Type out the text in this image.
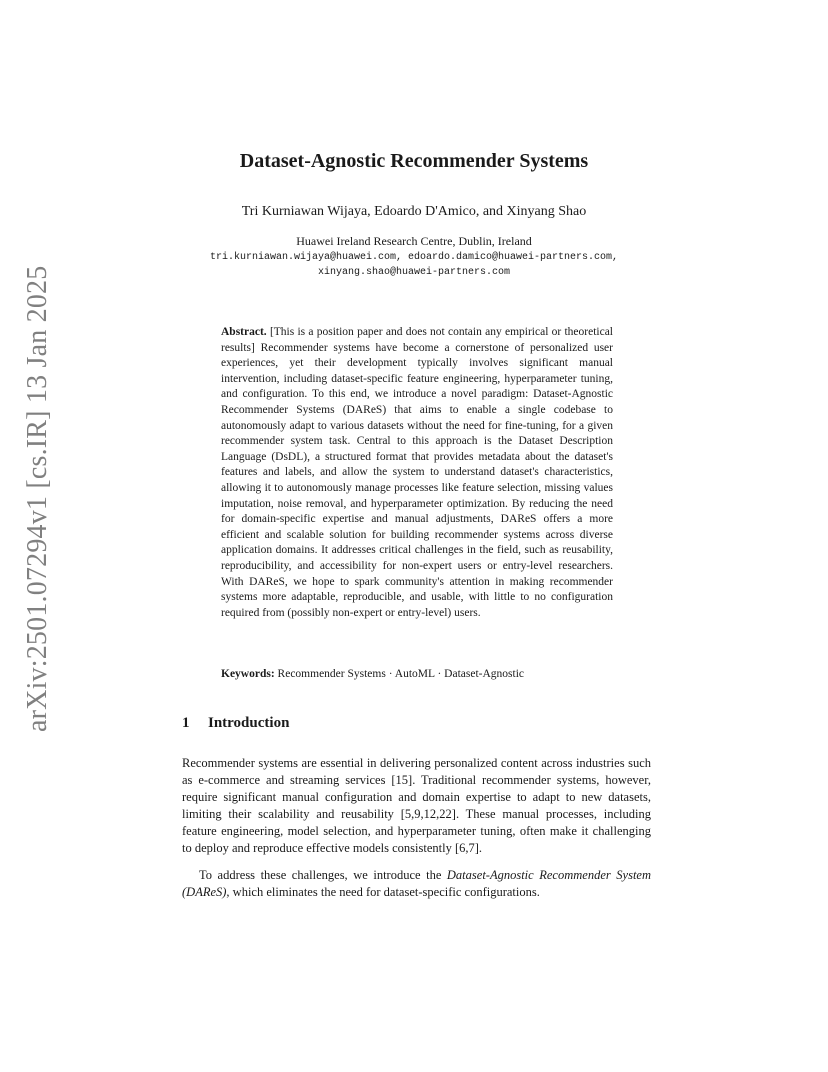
arXiv:2501.07294v1 [cs.IR] 13 Jan 2025
Dataset-Agnostic Recommender Systems
Tri Kurniawan Wijaya, Edoardo D'Amico, and Xinyang Shao
Huawei Ireland Research Centre, Dublin, Ireland
tri.kurniawan.wijaya@huawei.com, edoardo.damico@huawei-partners.com,
xinyang.shao@huawei-partners.com

Abstract. [This is a position paper and does not contain any empirical or theoretical results] Recommender systems have become a cornerstone of personalized user experiences, yet their development typically involves significant manual intervention, including dataset-specific feature engineering, hyperparameter tuning, and configuration. To this end, we introduce a novel paradigm: Dataset-Agnostic Recommender Systems (DAReS) that aims to enable a single codebase to autonomously adapt to various datasets without the need for fine-tuning, for a given recommender system task. Central to this approach is the Dataset Description Language (DsDL), a structured format that provides metadata about the dataset's features and labels, and allow the system to understand dataset's characteristics, allowing it to autonomously manage processes like feature selection, missing values imputation, noise removal, and hyperparameter optimization. By reducing the need for domain-specific expertise and manual adjustments, DAReS offers a more efficient and scalable solution for building recommender systems across diverse application domains. It addresses critical challenges in the field, such as reusability, reproducibility, and accessibility for non-expert users or entry-level researchers. With DAReS, we hope to spark community's attention in making recommender systems more adaptable, reproducible, and usable, with little to no configuration required from (possibly non-expert or entry-level) users.

Keywords: Recommender Systems · AutoML · Dataset-Agnostic
1 Introduction

Recommender systems are essential in delivering personalized content across industries such as e-commerce and streaming services [15]. Traditional recommender systems, however, require significant manual configuration and domain expertise to adapt to new datasets, limiting their scalability and reusability [5,9,12,22]. These manual processes, including feature engineering, model selection, and hyperparameter tuning, often make it challenging to deploy and reproduce effective models consistently [6,7].

To address these challenges, we introduce the Dataset-Agnostic Recommender System (DAReS), which eliminates the need for dataset-specific configurations.
